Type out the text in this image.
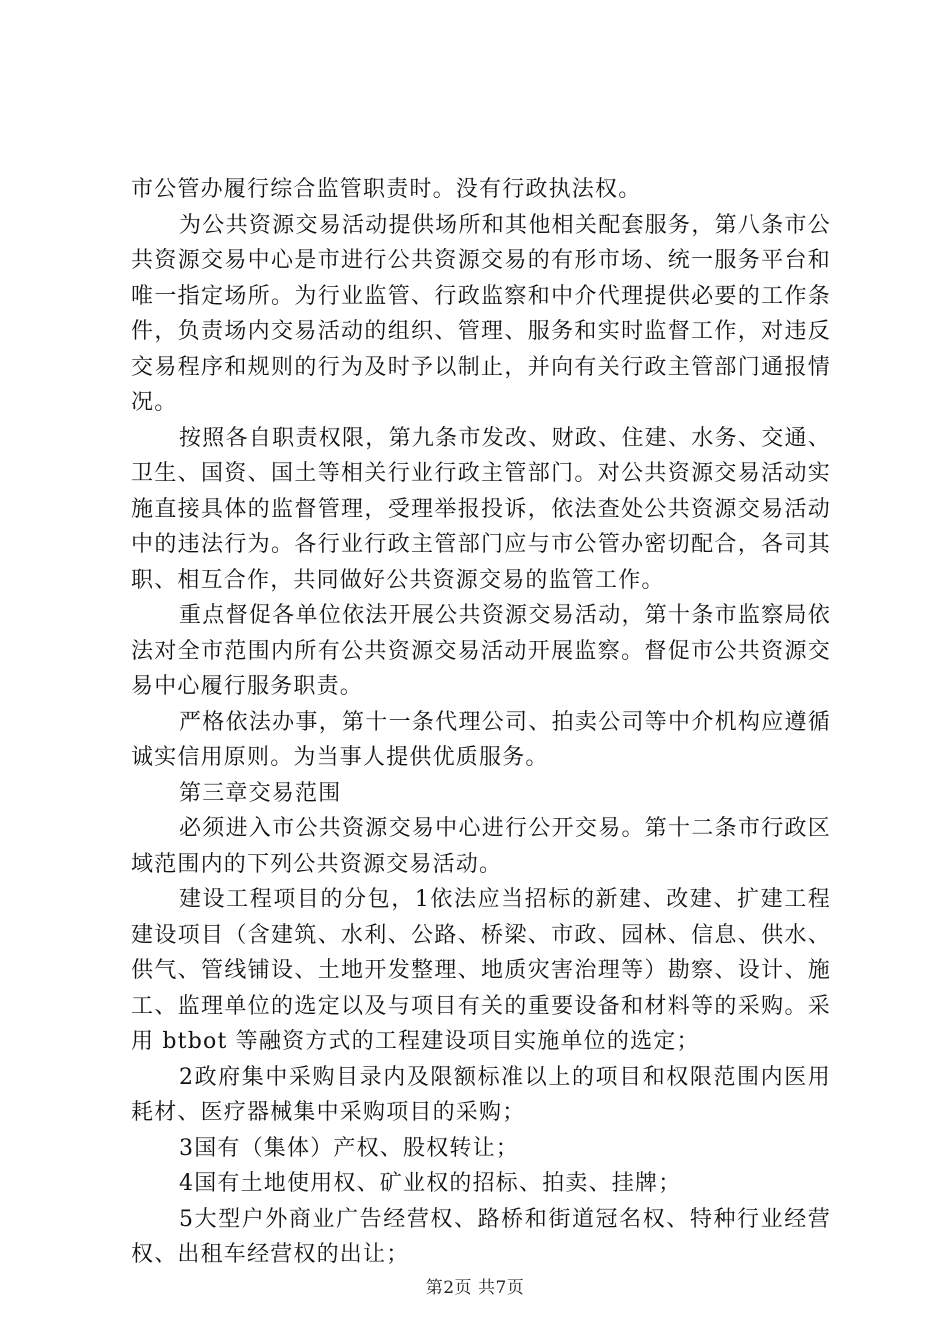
市公管办履行综合监管职责时。没有行政执法权。

为公共资源交易活动提供场所和其他相关配套服务，第八条市公共资源交易中心是市进行公共资源交易的有形市场、统一服务平台和唯一指定场所。为行业监管、行政监察和中介代理提供必要的工作条件，负责场内交易活动的组织、管理、服务和实时监督工作，对违反交易程序和规则的行为及时予以制止，并向有关行政主管部门通报情况。

按照各自职责权限，第九条市发改、财政、住建、水务、交通、卫生、国资、国土等相关行业行政主管部门。对公共资源交易活动实施直接具体的监督管理，受理举报投诉，依法查处公共资源交易活动中的违法行为。各行业行政主管部门应与市公管办密切配合，各司其职、相互合作，共同做好公共资源交易的监管工作。

重点督促各单位依法开展公共资源交易活动，第十条市监察局依法对全市范围内所有公共资源交易活动开展监察。督促市公共资源交易中心履行服务职责。

严格依法办事，第十一条代理公司、拍卖公司等中介机构应遵循诚实信用原则。为当事人提供优质服务。

第三章交易范围

必须进入市公共资源交易中心进行公开交易。第十二条市行政区域范围内的下列公共资源交易活动。

建设工程项目的分包，1依法应当招标的新建、改建、扩建工程建设项目（含建筑、水利、公路、桥梁、市政、园林、信息、供水、供气、管线铺设、土地开发整理、地质灾害治理等）勘察、设计、施工、监理单位的选定以及与项目有关的重要设备和材料等的采购。采用 btbot 等融资方式的工程建设项目实施单位的选定；

2政府集中采购目录内及限额标准以上的项目和权限范围内医用耗材、医疗器械集中采购项目的采购；

3国有（集体）产权、股权转让；

4国有土地使用权、矿业权的招标、拍卖、挂牌；

5大型户外商业广告经营权、路桥和街道冠名权、特种行业经营权、出租车经营权的出让；

第2页 共7页
